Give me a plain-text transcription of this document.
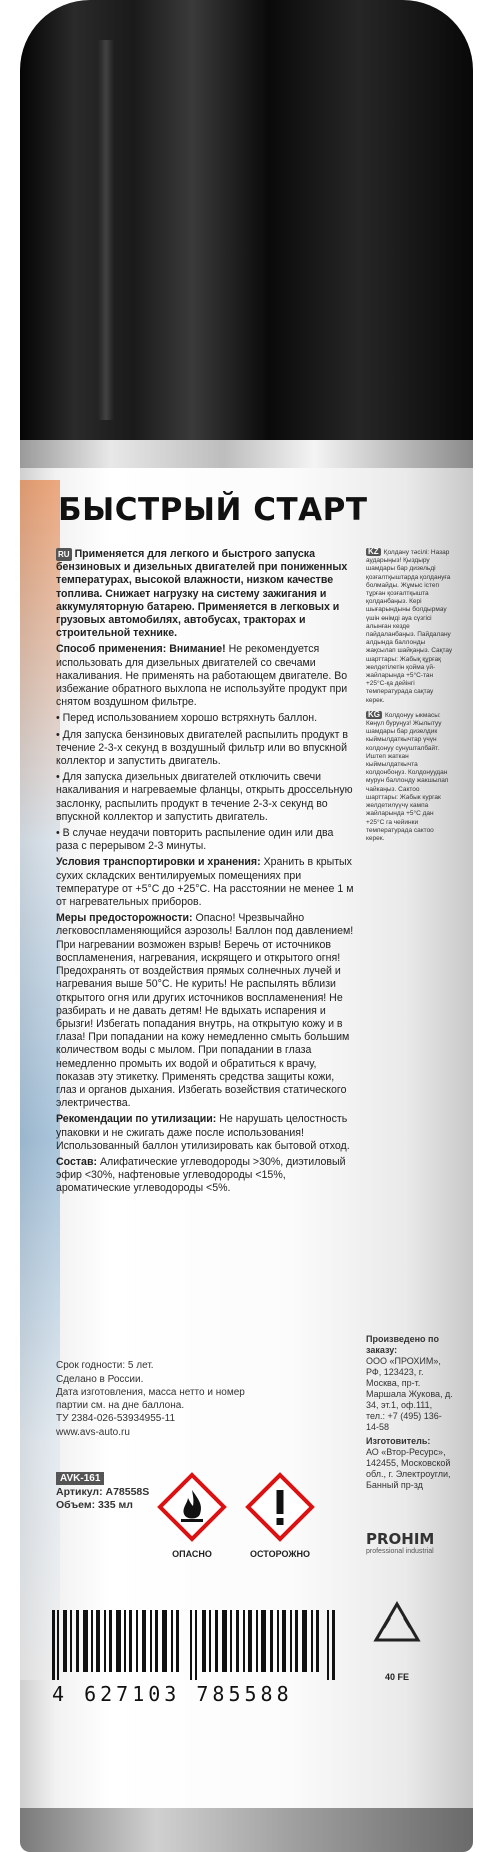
БЫСТРЫЙ СТАРТ

RU Применяется для легкого и быстрого запуска бензиновых и дизельных двигателей при пониженных температурах, высокой влажности, низком качестве топлива. Снижает нагрузку на систему зажигания и аккумуляторную батарею. Применяется в легковых и грузовых автомобилях, автобусах, тракторах и строительной технике.

Способ применения: Внимание! Не рекомендуется использовать для дизельных двигателей со свечами накаливания. Не применять на работающем двигателе. Во избежание обратного выхлопа не используйте продукт при снятом воздушном фильтре.

• Перед использованием хорошо встряхнуть баллон.

• Для запуска бензиновых двигателей распылить продукт в течение 2-3-х секунд в воздушный фильтр или во впускной коллектор и запустить двигатель.

• Для запуска дизельных двигателей отключить свечи накаливания и нагреваемые фланцы, открыть дроссельную заслонку, распылить продукт в течение 2-3-х секунд во впускной коллектор и запустить двигатель.

• В случае неудачи повторить распыление один или два раза с перерывом 2-3 минуты.

Условия транспортировки и хранения: Хранить в крытых сухих складских вентилируемых помещениях при температуре от +5°C до +25°C. На расстоянии не менее 1 м от нагревательных приборов.

Меры предосторожности: Опасно! Чрезвычайно легковоспламеняющийся аэрозоль! Баллон под давлением! При нагревании возможен взрыв! Беречь от источников воспламенения, нагревания, искрящего и открытого огня! Предохранять от воздействия прямых солнечных лучей и нагревания выше 50°C. Не курить! Не распылять вблизи открытого огня или других источников воспламенения! Не разбирать и не давать детям! Не вдыхать испарения и брызги! Избегать попадания внутрь, на открытую кожу и в глаза! При попадании на кожу немедленно смыть большим количеством воды с мылом. При попадании в глаза немедленно промыть их водой и обратиться к врачу, показав эту этикетку. Применять средства защиты кожи, глаз и органов дыхания. Избегать возействия статического электричества.

Рекомендации по утилизации: Не нарушать целостность упаковки и не сжигать даже после использования! Использованный баллон утилизировать как бытовой отход.

Состав: Алифатические углеводороды >30%, диэтиловый эфир <30%, нафтеновые углеводороды <15%, ароматические углеводороды <5%.

KZ Қолдану тәсілі: Назар аударыңыз! Қыздыру шамдары бар дизельді қозғалтқыштарда қолдануға болмайды. Жұмыс істеп тұрған қозғалтқышта қолданбаңыз. Кері шығарындыны болдырмау үшін өнімді ауа сүзгісі алынған кезде пайдаланбаңыз. Пайдалану алдында баллонды жақсылап шайқаңыз. Сақтау шарттары: Жабық құрғақ желдетілетін қойма үй-жайларында +5°С-тан +25°С-қа дейінгі температурада сақтау керек.
KG Колдонуу ыкмасы: Көңүл буруңуз! Жылытуу шамдары бар дизелдик кыймылдаткычтар үчүн колдонуу сунушталбайт. Иштеп жаткан кыймылдаткычта колдонбоңуз. Колдонуудан мурун баллонду жакшылап чайкаңыз. Сактоо шарттары: Жабык кургак желдетилүүчү кампа жайларында +5°С дан +25°С га чейинки температурада сактоо керек.
Срок годности: 5 лет.
Сделано в России.
Дата изготовления, масса нетто и номер партии см. на дне баллона.
ТУ 2384-026-53934955-11
www.avs-auto.ru
AVK-161
Артикул: A78558S
Объем: 335 мл
ОПАСНО	ОСТОРОЖНО
Произведено по заказу:
ООО «ПРОХИМ», РФ, 123423, г. Москва, пр-т. Маршала Жукова, д. 34, эт.1, оф.111, тел.: +7 (495) 136-14-58
Изготовитель:
АО «Втор-Ресурс», 142455, Московской обл., г. Электроугли, Банный пр-зд
PROHIM
professional industrial
4 627103 785588
40 FE
